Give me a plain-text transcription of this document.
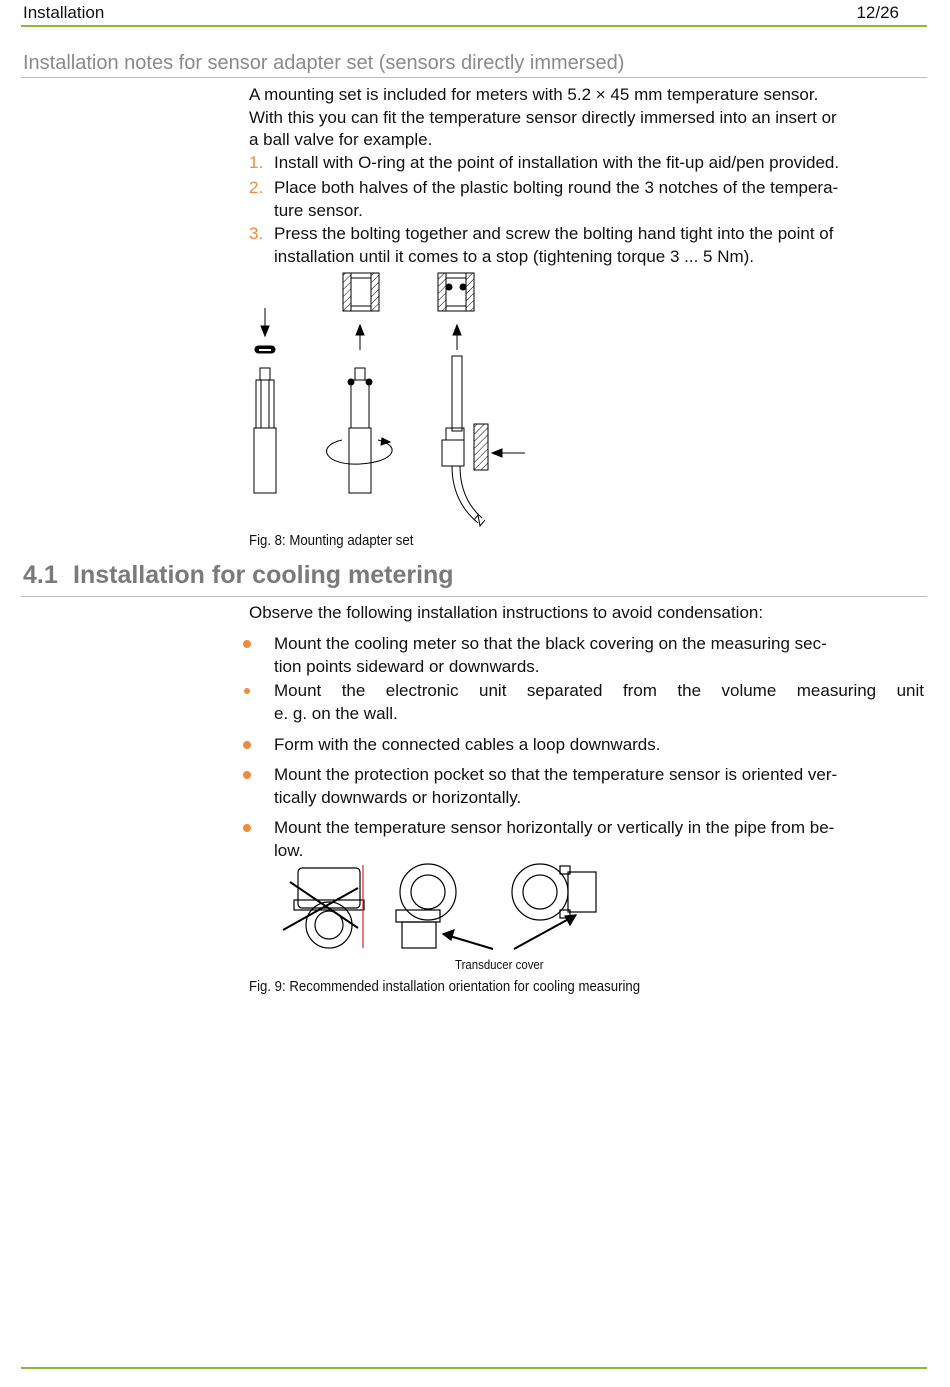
Installation	12/26
Installation notes for sensor adapter set (sensors directly immersed)
A mounting set is included for meters with 5.2 × 45 mm temperature sensor.
With this you can fit the temperature sensor directly immersed into an insert or
a ball valve for example.
1. Install with O-ring at the point of installation with the fit-up aid/pen provided.
2. Place both halves of the plastic bolting round the 3 notches of the tempera-
ture sensor.
3. Press the bolting together and screw the bolting hand tight into the point of
installation until it comes to a stop (tightening torque 3 ... 5 Nm).
Fig. 8: Mounting adapter set
4.1 Installation for cooling metering
Observe the following installation instructions to avoid condensation:
Mount the cooling meter so that the black covering on the measuring sec-
tion points sideward or downwards.
Mount the electronic unit separated from the volume measuring unit
e. g. on the wall.
Form with the connected cables a loop downwards.
Mount the protection pocket so that the temperature sensor is oriented ver-
tically downwards or horizontally.
Mount the temperature sensor horizontally or vertically in the pipe from be-
low.
Transducer cover
Fig. 9: Recommended installation orientation for cooling measuring
